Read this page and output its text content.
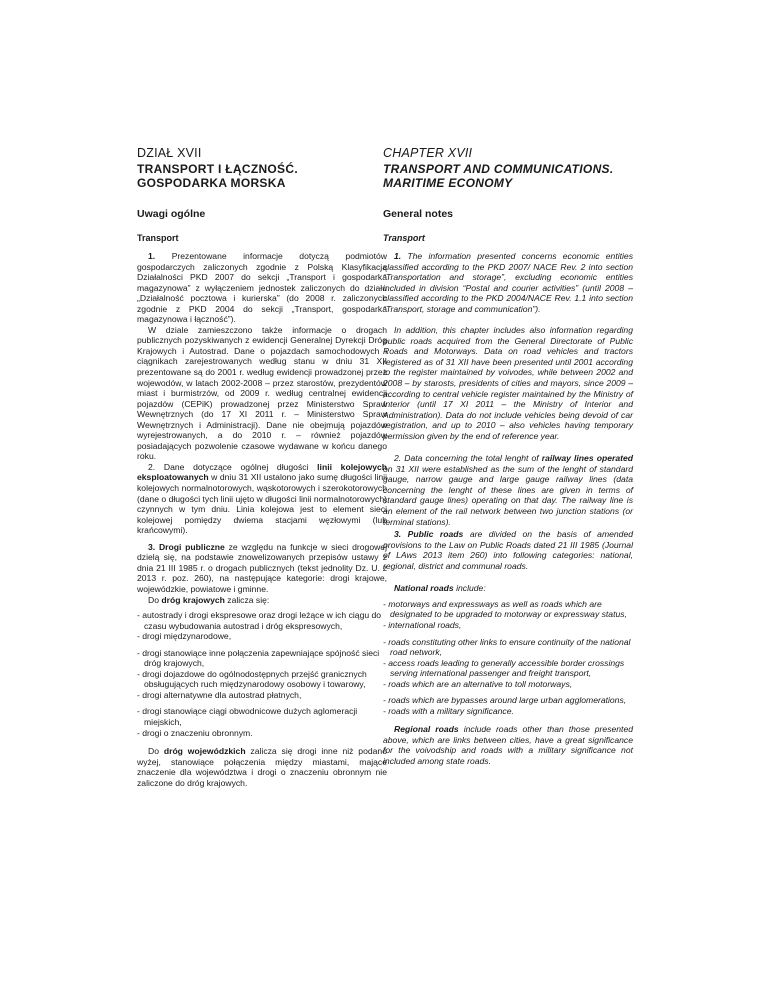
DZIAŁ XVII
TRANSPORT I ŁĄCZNOŚĆ.
GOSPODARKA MORSKA
Uwagi ogólne
Transport

1. Prezentowane informacje dotyczą podmiotów gospodarczych zaliczonych zgodnie z Polską Klasyfikacją Działalności PKD 2007 do sekcji „Transport i gospodarka magazynowa” z wyłączeniem jednostek zaliczonych do działu „Działalność pocztowa i kurierska” (do 2008 r. zaliczonych zgodnie z PKD 2004 do sekcji „Transport, gospodarka magazynowa i łączność”).

W dziale zamieszczono także informacje o drogach publicznych pozyskiwanych z ewidencji Generalnej Dyrekcji Dróg Krajowych i Autostrad. Dane o pojazdach samochodowych i ciągnikach zarejestrowanych według stanu w dniu 31 XII prezentowane są do 2001 r. według ewidencji prowadzonej przez wojewodów, w latach 2002-2008 – przez starostów, prezydentów miast i burmistrzów, od 2009 r. według centralnej ewidencji pojazdów (CEPiK) prowadzonej przez Ministerstwo Spraw Wewnętrznych (do 17 XI 2011 r. – Ministerstwo Spraw Wewnętrznych i Administracji). Dane nie obejmują pojazdów wyrejestrowanych, a do 2010 r. – również pojazdów posiadających pozwolenie czasowe wydawane w końcu danego roku.

2. Dane dotyczące ogólnej długości linii kolejowych eksploatowanych w dniu 31 XII ustalono jako sumę długości linii kolejowych normalnotorowych, wąskotorowych i szerokotorowych (dane o długości tych linii ujęto w długości linii normalnotorowych) czynnych w tym dniu. Linia kolejowa jest to element sieci kolejowej pomiędzy dwiema stacjami węzłowymi (lub krańcowymi).

3. Drogi publiczne ze względu na funkcje w sieci drogowej dzielą się, na podstawie znowelizowanych przepisów ustawy z dnia 21 III 1985 r. o drogach publicznych (tekst jednolity Dz. U. z 2013 r. poz. 260), na następujące kategorie: drogi krajowe, wojewódzkie, powiatowe i gminne.

Do dróg krajowych zalicza się:

- autostrady i drogi ekspresowe oraz drogi leżące w ich ciągu do czasu wybudowania autostrad i dróg ekspresowych,
- drogi międzynarodowe,
- drogi stanowiące inne połączenia zapewniające spójność sieci dróg krajowych,
- drogi dojazdowe do ogólnodostępnych przejść granicznych obsługujących ruch międzynarodowy osobowy i towarowy,
- drogi alternatywne dla autostrad płatnych,
- drogi stanowiące ciągi obwodnicowe dużych aglomeracji miejskich,
- drogi o znaczeniu obronnym.

Do dróg wojewódzkich zalicza się drogi inne niż podano wyżej, stanowiące połączenia między miastami, mające znaczenie dla województwa i drogi o znaczeniu obronnym nie zaliczone do dróg krajowych.

CHAPTER XVII
TRANSPORT AND COMMUNICATIONS.
MARITIME ECONOMY
General notes
Transport

1. The information presented concerns economic entities classified according to the PKD 2007/ NACE Rev. 2 into section “Transportation and storage”, excluding economic entities included in division “Postal and courier activities” (until 2008 – classified according to the PKD 2004/NACE Rev. 1.1 into section “Transport, storage and communication”).

In addition, this chapter includes also information regarding public roads acquired from the General Directorate of Public Roads and Motorways. Data on road vehicles and tractors registered as of 31 XII have been presented until 2001 according to the register maintained by voivodes, while between 2002 and 2008 – by starosts, presidents of cities and mayors, since 2009 – according to central vehicle register maintained by the Ministry of Interior (until 17 XI 2011 – the Ministry of Interior and Administration). Data do not include vehicles being devoid of car registration, and up to 2010 – also vehicles having temporary permission given by the end of reference year.

2. Data concerning the total lenght of railway lines operated on 31 XII were established as the sum of the lenght of standard gauge, narrow gauge and large gauge railway lines (data concerning the lenght of these lines are given in terms of standard gauge lines) operating on that day. The railway line is an element of the rail network between two junction stations (or terminal stations).

3. Public roads are divided on the basis of amended provisions to the Law on Public Roads dated 21 III 1985 (Journal of LAws 2013 item 260) into following categories: national, regional, district and communal roads.

National roads include:

- motorways and expressways as well as roads which are designated to be upgraded to motorway or expressway status,
- international roads,
- roads constituting other links to ensure continuity of the national road network,
- access roads leading to generally accessible border crossings serving international passenger and freight transport,
- roads which are an alternative to toll motorways,
- roads which are bypasses around large urban agglomerations,
- roads with a military significance.

Regional roads include roads other than those presented above, which are links between cities, have a great significance for the voivodship and roads with a military significance not included among state roads.
